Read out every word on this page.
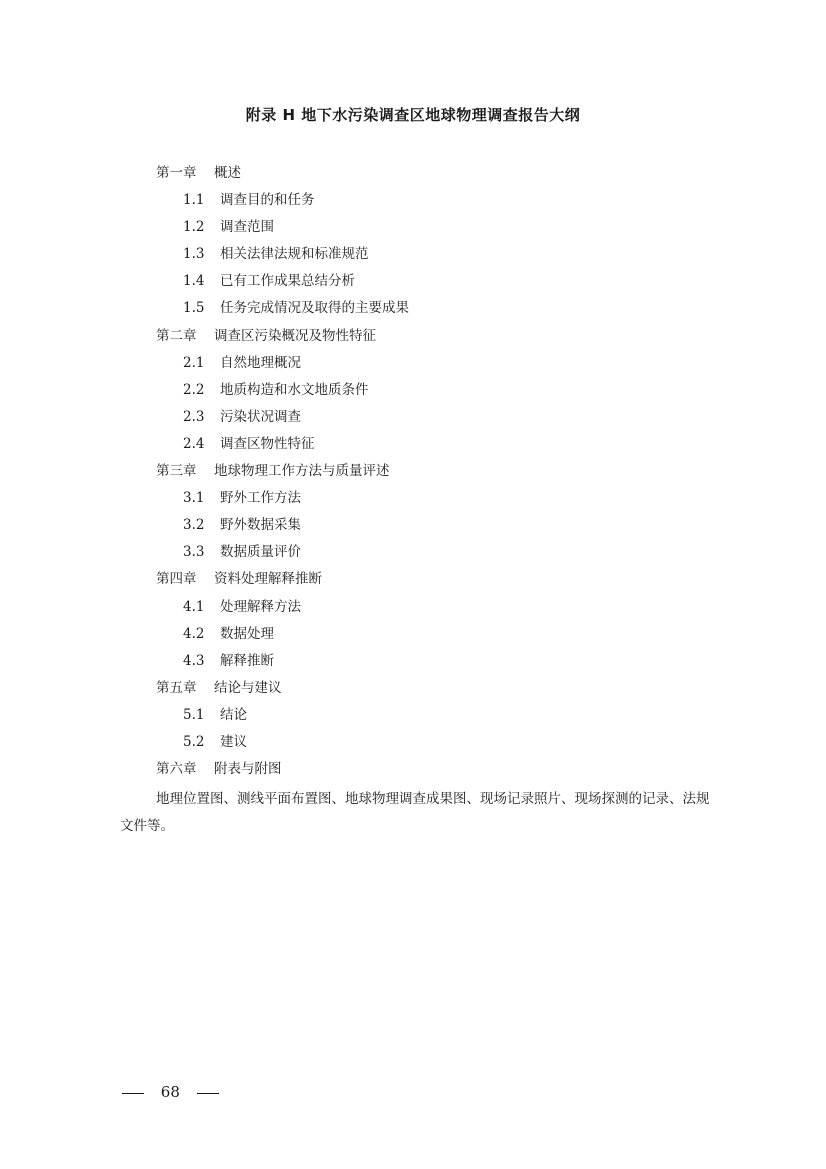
附录 H 地下水污染调查区地球物理调查报告大纲
第一章 概述
1.1 调查目的和任务
1.2 调查范围
1.3 相关法律法规和标准规范
1.4 已有工作成果总结分析
1.5 任务完成情况及取得的主要成果
第二章 调查区污染概况及物性特征
2.1 自然地理概况
2.2 地质构造和水文地质条件
2.3 污染状况调查
2.4 调查区物性特征
第三章 地球物理工作方法与质量评述
3.1 野外工作方法
3.2 野外数据采集
3.3 数据质量评价
第四章 资料处理解释推断
4.1 处理解释方法
4.2 数据处理
4.3 解释推断
第五章 结论与建议
5.1 结论
5.2 建议
第六章 附表与附图
地理位置图、测线平面布置图、地球物理调查成果图、现场记录照片、现场探测的记录、法规文件等。
68
